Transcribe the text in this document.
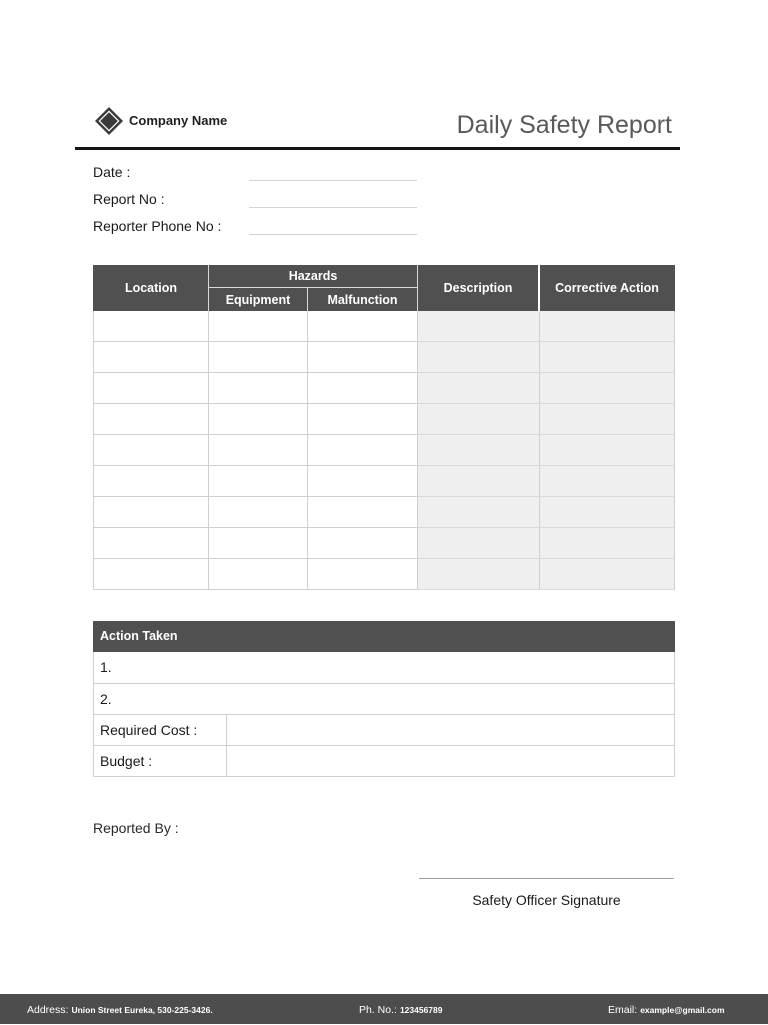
Company Name	Daily Safety Report
Date :
Report No :
Reporter Phone No :
Location	Hazards		Description	Corrective Action
	Equipment	Malfunction		

Action Taken
1.
2.
Required Cost :
Budget :
Reported By :
Safety Officer Signature
Address: Union Street Eureka, 530-225-3426.	Ph. No.: 123456789	Email: example@gmail.com
